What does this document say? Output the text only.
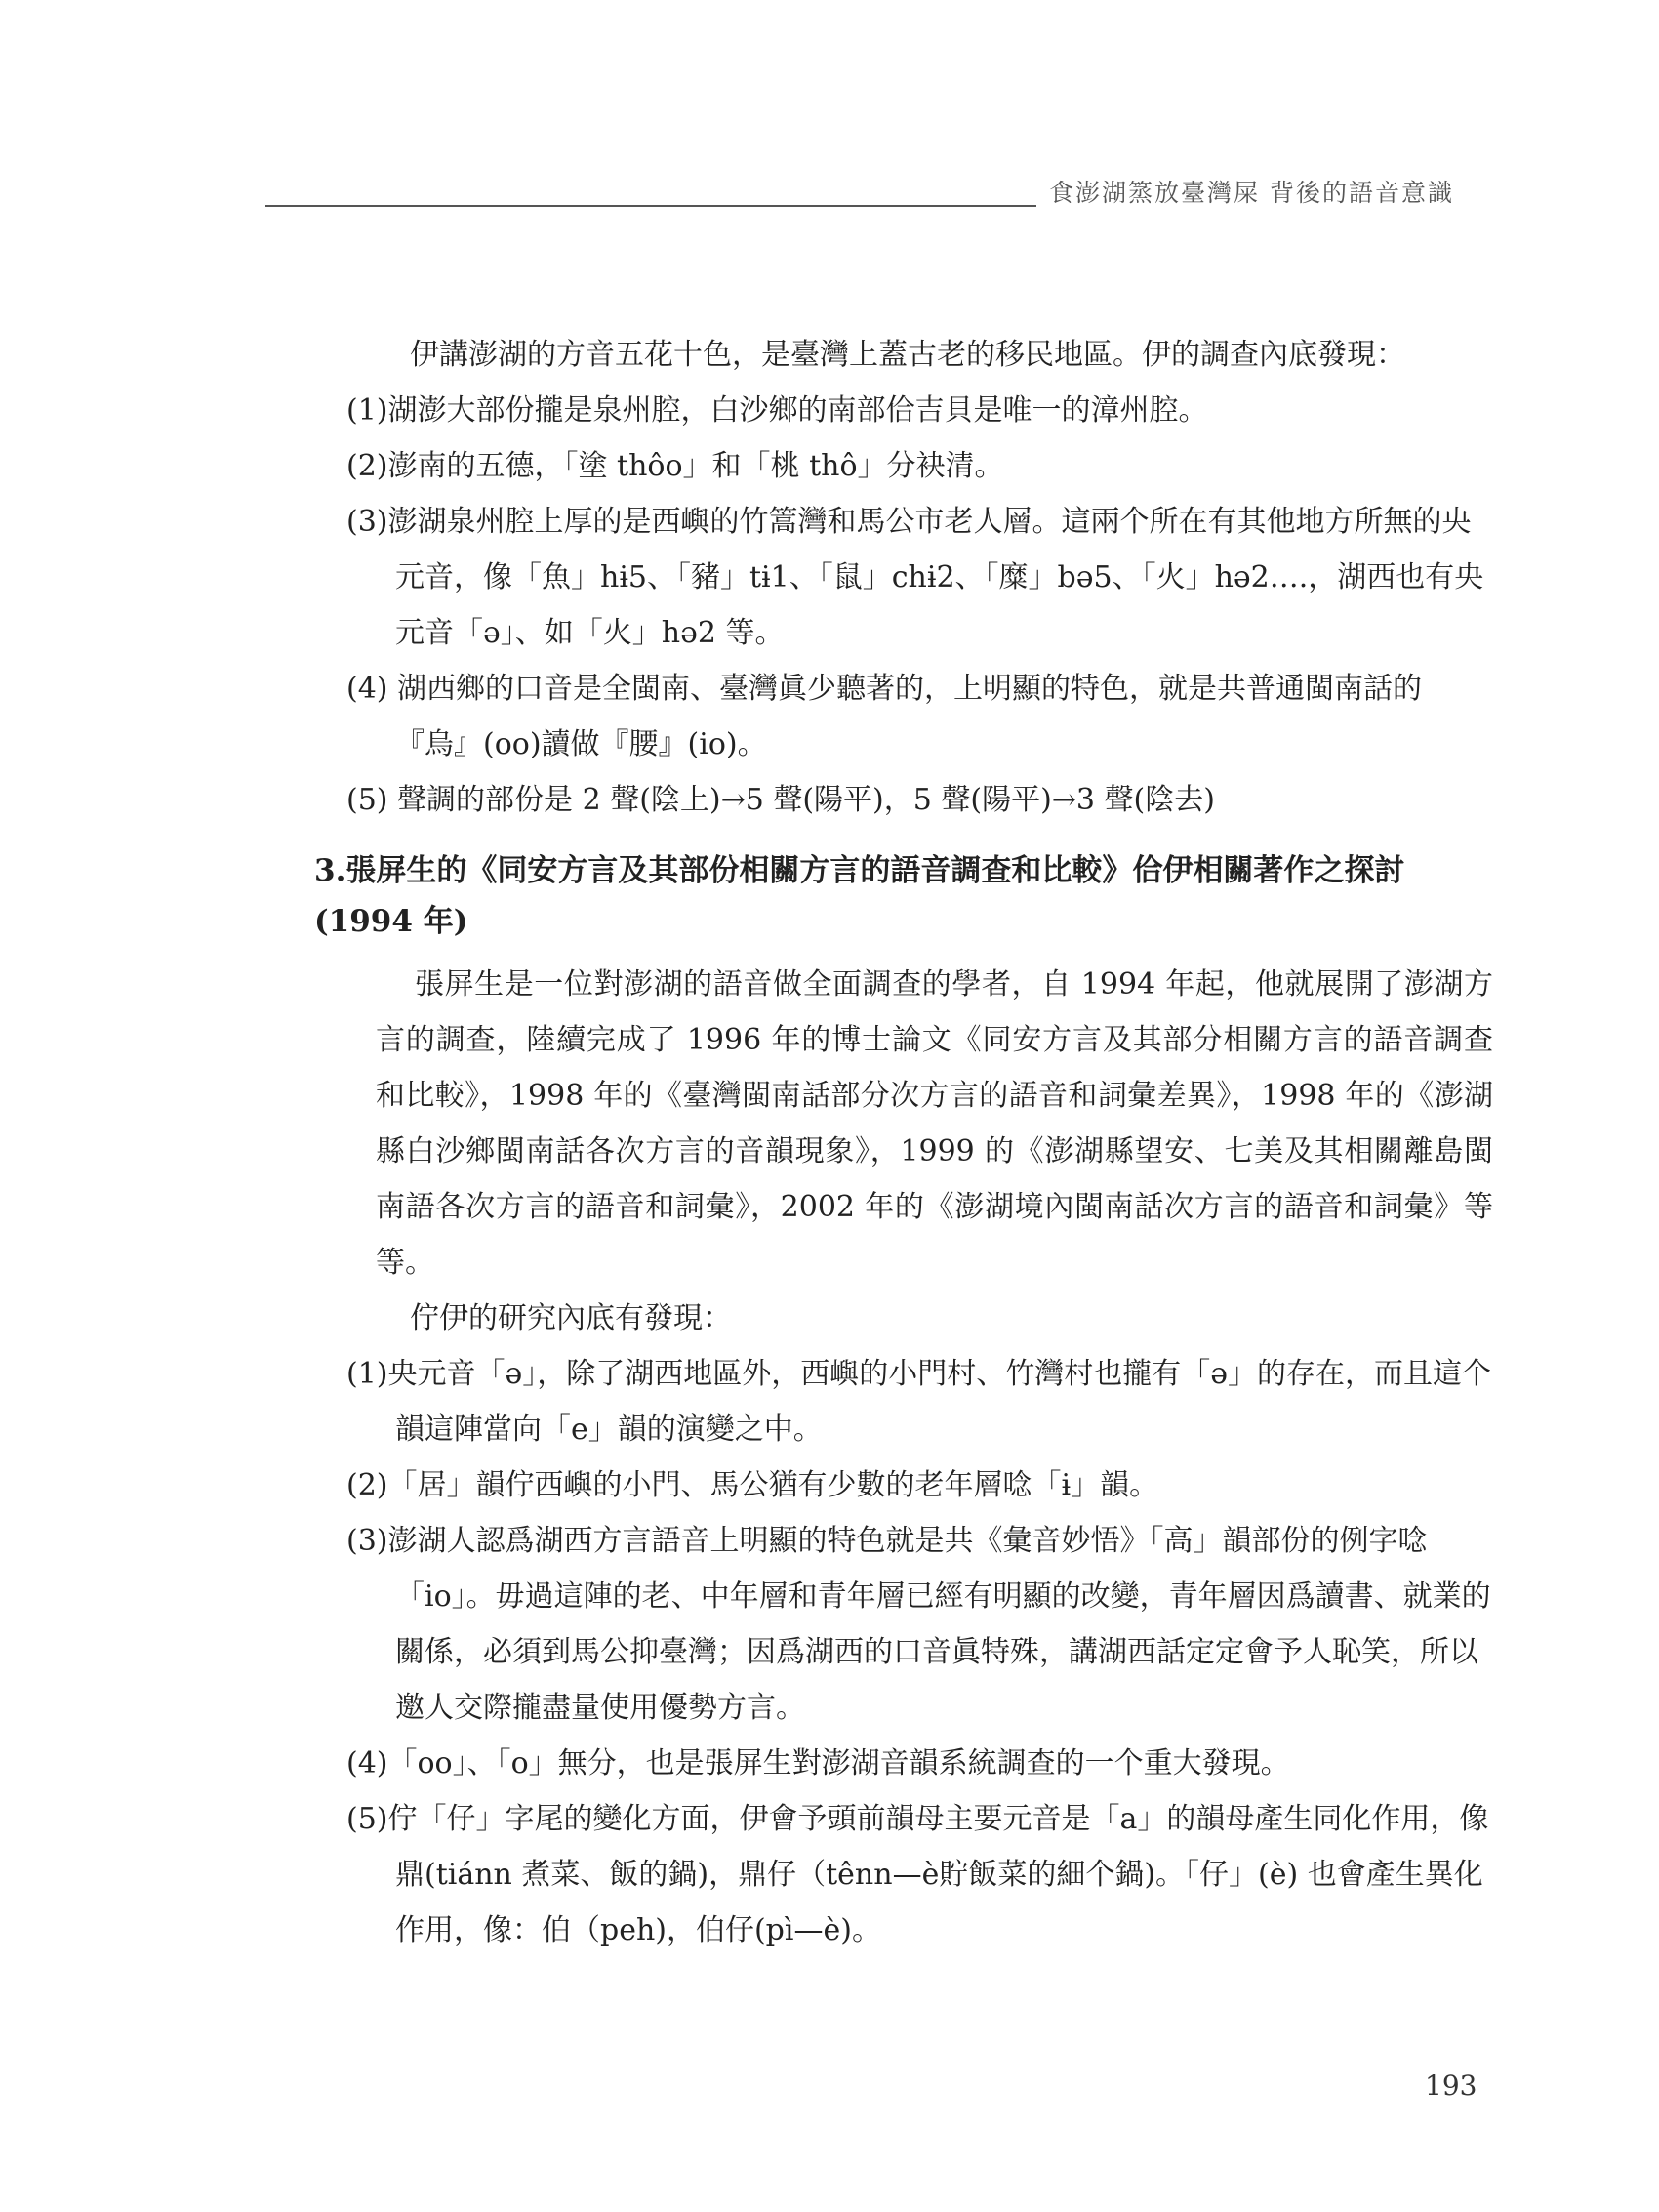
食澎湖篜放臺灣屎 背後的語音意識

伊講澎湖的方音五花十色，是臺灣上蓋古老的移民地區。伊的調查內底發現：

(1)湖澎大部份攏是泉州腔，白沙鄉的南部佮吉貝是唯一的漳州腔。

(2)澎南的五德，「塗 thôo」和「桃 thô」分袂清。

(3)澎湖泉州腔上厚的是西嶼的竹篙灣和馬公市老人層。這兩个所在有其他地方所無的央元音，像「魚」hɨ5、「豬」tɨ1、「鼠」chɨ2、「糜」bə5、「火」hə2….，湖西也有央元音「ə」、如「火」hə2 等。

(4) 湖西鄉的口音是全閩南、臺灣眞少聽著的，上明顯的特色，就是共普通閩南話的『烏』(oo)讀做『腰』(io)。

(5) 聲調的部份是 2 聲(陰上)→5 聲(陽平)，5 聲(陽平)→3 聲(陰去)

3.張屏生的《同安方言及其部份相關方言的語音調查和比較》佮伊相關著作之探討(1994 年)

張屏生是一位對澎湖的語音做全面調查的學者，自 1994 年起，他就展開了澎湖方言的調查，陸續完成了 1996 年的博士論文《同安方言及其部分相關方言的語音調查和比較》，1998 年的《臺灣閩南話部分次方言的語音和詞彙差異》，1998 年的《澎湖縣白沙鄉閩南話各次方言的音韻現象》，1999 的《澎湖縣望安、七美及其相關離島閩南語各次方言的語音和詞彙》，2002 年的《澎湖境內閩南話次方言的語音和詞彙》等等。

佇伊的研究內底有發現：

(1)央元音「ə」，除了湖西地區外，西嶼的小門村、竹灣村也攏有「ə」的存在，而且這个韻這陣當向「e」韻的演變之中。

(2)「居」韻佇西嶼的小門、馬公猶有少數的老年層唸「ɨ」韻。

(3)澎湖人認爲湖西方言語音上明顯的特色就是共《彙音妙悟》「高」韻部份的例字唸「io」。毋過這陣的老、中年層和青年層已經有明顯的改變，青年層因爲讀書、就業的關係，必須到馬公抑臺灣；因爲湖西的口音眞特殊，講湖西話定定會予人恥笑，所以邀人交際攏盡量使用優勢方言。

(4)「oo」、「o」無分，也是張屏生對澎湖音韻系統調查的一个重大發現。

(5)佇「仔」字尾的變化方面，伊會予頭前韻母主要元音是「a」的韻母產生同化作用，像鼎(tiánn 煮菜、飯的鍋)，鼎仔（tênn—è貯飯菜的細个鍋)。「仔」(è) 也會產生異化作用，像：伯（peh)，伯仔(pì—è)。

193
